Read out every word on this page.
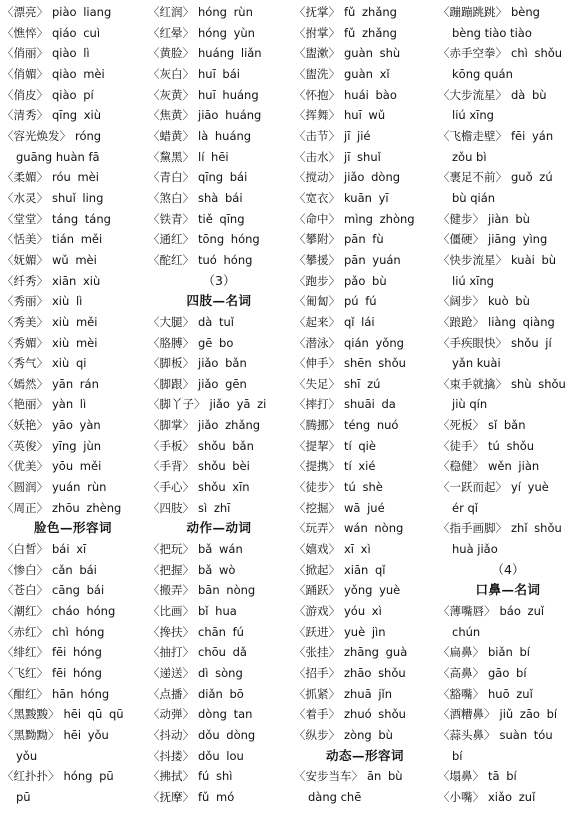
〈漂亮〉 piào liang
〈憔悴〉 qiáo cuì
〈俏丽〉 qiào lì
〈俏媚〉 qiào mèi
〈俏皮〉 qiào pí
〈清秀〉 qīng xiù
〈容光焕发〉 róng
guāng huàn fā
〈柔媚〉 róu mèi
〈水灵〉 shuǐ ling
〈堂堂〉 táng táng
〈恬美〉 tián měi
〈妩媚〉 wǔ mèi
〈纤秀〉 xiān xiù
〈秀丽〉 xiù lì
〈秀美〉 xiù měi
〈秀媚〉 xiù mèi
〈秀气〉 xiù qi
〈嫣然〉 yān rán
〈艳丽〉 yàn lì
〈妖艳〉 yāo yàn
〈英俊〉 yīng jùn
〈优美〉 yōu měi
〈圆润〉 yuán rùn
〈周正〉 zhōu zhèng
脸色—形容词
〈白皙〉 bái xī
〈惨白〉 cǎn bái
〈苍白〉 cāng bái
〈潮红〉 cháo hóng
〈赤红〉 chì hóng
〈绯红〉 fēi hóng
〈飞红〉 fēi hóng
〈酣红〉 hān hóng
〈黑黢黢〉 hēi qū qū
〈黑黝黝〉 hēi yǒu
yǒu
〈红扑扑〉 hóng pū
pū
〈红润〉 hóng rùn
〈红晕〉 hóng yùn
〈黄脸〉 huáng liǎn
〈灰白〉 huī bái
〈灰黄〉 huī huáng
〈焦黄〉 jiāo huáng
〈蜡黄〉 là huáng
〈黧黑〉 lí hēi
〈青白〉 qīng bái
〈煞白〉 shà bái
〈铁青〉 tiě qīng
〈通红〉 tōng hóng
〈酡红〉 tuó hóng
（3）
四肢—名词
〈大腿〉 dà tuǐ
〈胳膊〉 gē bo
〈脚板〉 jiǎo bǎn
〈脚跟〉 jiǎo gēn
〈脚丫子〉 jiǎo yā zi
〈脚掌〉 jiǎo zhǎng
〈手板〉 shǒu bǎn
〈手背〉 shǒu bèi
〈手心〉 shǒu xīn
〈四肢〉 sì zhī
动作—动词
〈把玩〉 bǎ wán
〈把握〉 bǎ wò
〈搬弄〉 bān nòng
〈比画〉 bǐ hua
〈搀扶〉 chān fú
〈抽打〉 chōu dǎ
〈递送〉 dì sòng
〈点播〉 diǎn bō
〈动弹〉 dòng tan
〈抖动〉 dǒu dòng
〈抖搂〉 dǒu lou
〈拂拭〉 fú shì
〈抚摩〉 fǔ mó
〈抚掌〉 fǔ zhǎng
〈拊掌〉 fǔ zhǎng
〈盥漱〉 guàn shù
〈盥洗〉 guàn xǐ
〈怀抱〉 huái bào
〈挥舞〉 huī wǔ
〈击节〉 jī jié
〈击水〉 jī shuǐ
〈搅动〉 jiǎo dòng
〈宽衣〉 kuān yī
〈命中〉 mìng zhòng
〈攀附〉 pān fù
〈攀援〉 pān yuán
〈跑步〉 pǎo bù
〈匍匐〉 pú fú
〈起来〉 qǐ lái
〈潜泳〉 qián yǒng
〈伸手〉 shēn shǒu
〈失足〉 shī zú
〈摔打〉 shuāi da
〈腾挪〉 téng nuó
〈提挈〉 tí qiè
〈提携〉 tí xié
〈徒步〉 tú shè
〈挖掘〉 wā jué
〈玩弄〉 wán nòng
〈嬉戏〉 xī xì
〈掀起〉 xiān qǐ
〈踊跃〉 yǒng yuè
〈游戏〉 yóu xì
〈跃进〉 yuè jìn
〈张挂〉 zhāng guà
〈招手〉 zhāo shǒu
〈抓紧〉 zhuā jǐn
〈着手〉 zhuó shǒu
〈纵步〉 zòng bù
动态—形容词
〈安步当车〉 ān bù
dàng chē
〈蹦蹦跳跳〉 bèng
bèng tiào tiào
〈赤手空拳〉 chì shǒu
kōng quán
〈大步流星〉 dà bù
liú xīng
〈飞檐走壁〉 fēi yán
zǒu bì
〈裹足不前〉 guǒ zú
bù qián
〈健步〉 jiàn bù
〈僵硬〉 jiāng yìng
〈快步流星〉 kuài bù
liú xīng
〈阔步〉 kuò bù
〈踉跄〉 liàng qiàng
〈手疾眼快〉 shǒu jí
yǎn kuài
〈束手就擒〉 shù shǒu
jiù qín
〈死板〉 sǐ bǎn
〈徒手〉 tú shǒu
〈稳健〉 wěn jiàn
〈一跃而起〉 yí yuè
ér qǐ
〈指手画脚〉 zhǐ shǒu
huà jiǎo
（4）
口鼻—名词
〈薄嘴唇〉 báo zuǐ
chún
〈扁鼻〉 biǎn bí
〈高鼻〉 gāo bí
〈豁嘴〉 huō zuǐ
〈酒糟鼻〉 jiǔ zāo bí
〈蒜头鼻〉 suàn tóu
bí
〈塌鼻〉 tā bí
〈小嘴〉 xiǎo zuǐ
